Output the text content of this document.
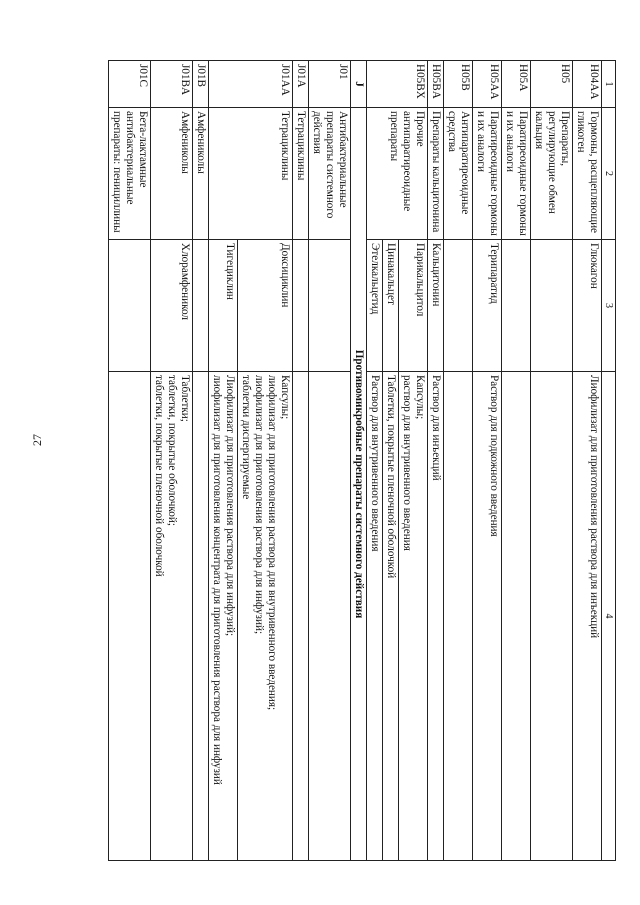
27
1	2	3	4
H04AA	Гормоны, расщепляющие гликоген	Глюкагон	Лиофилизат для приготовления раствора для инъекций

H05	Препараты, регулирующие обмен кальция		
H05A	Паратиреоидные гормоны и их аналоги		
H05AA	Паратиреоидные гормоны и их аналоги	Терипаратид	Раствор для подкожного введения

H05B	Антипаратиреоидные средства		
H05BA	Препараты кальцитонина	Кальцитонин	Раствор для инъекций

H05BX	Прочие антипаратиреоидные препараты	Парикальцитол	Капсулы;
раствор для внутривенного введения

		Цинакальцет	Таблетки, покрытые пленочной оболочкой

		Этелкальцетид	Раствор для внутривенного введения

J	Противомикробные препараты системного действия		
J01	Антибактериальные препараты системного действия		
J01A	Тетрациклины		
J01AA	Тетрациклины	Доксициклин	Капсулы;
лиофилизат для приготовления раствора для внутривенного введения;
лиофилизат для приготовления раствора для инфузий;
таблетки диспергируемые

		Тигециклин	Лиофилизат для приготовления раствора для инфузий;
лиофилизат для приготовления концентрата для приготовления раствора для инфузий

J01B	Амфениколы		
J01BA	Амфениколы	Хлорамфеникол	Таблетки;
таблетки, покрытые оболочкой;
таблетки, покрытые пленочной оболочкой

J01C	Бета-лактамные антибактериальные препараты: пенициллины		
